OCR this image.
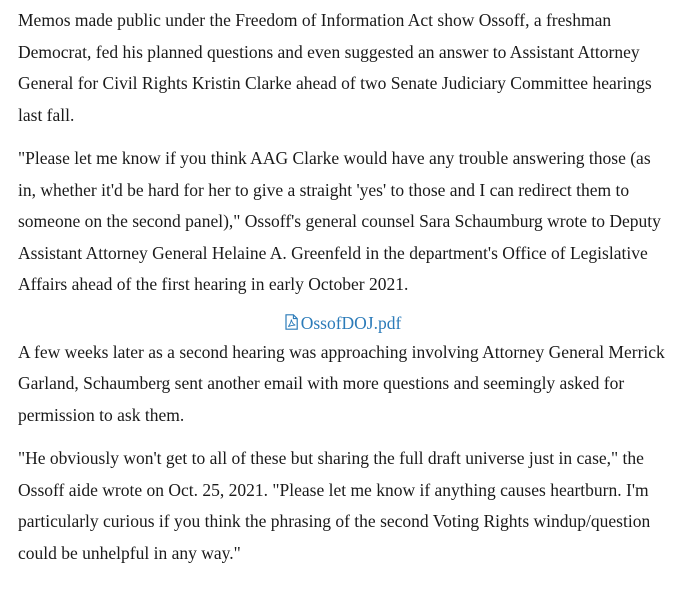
Memos made public under the Freedom of Information Act show Ossoff, a freshman Democrat, fed his planned questions and even suggested an answer to Assistant Attorney General for Civil Rights Kristin Clarke ahead of two Senate Judiciary Committee hearings last fall.

"Please let me know if you think AAG Clarke would have any trouble answering those (as in, whether it'd be hard for her to give a straight 'yes' to those and I can redirect them to someone on the second panel)," Ossoff's general counsel Sara Schaumburg wrote to Deputy Assistant Attorney General Helaine A. Greenfeld in the department's Office of Legislative Affairs ahead of the first hearing in early October 2021.

OssofDOJ.pdf

A few weeks later as a second hearing was approaching involving Attorney General Merrick Garland, Schaumberg sent another email with more questions and seemingly asked for permission to ask them.

"He obviously won't get to all of these but sharing the full draft universe just in case," the Ossoff aide wrote on Oct. 25, 2021. "Please let me know if anything causes heartburn. I'm particularly curious if you think the phrasing of the second Voting Rights windup/question could be unhelpful in any way."
